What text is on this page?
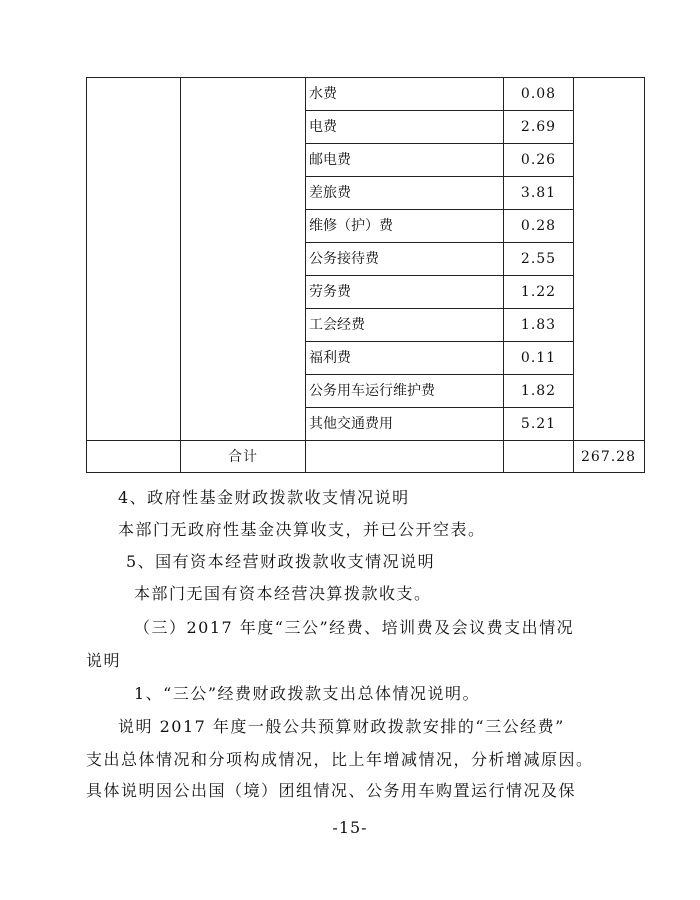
		水费	0.08	
		电费	2.69	
		邮电费	0.26	
		差旅费	3.81	
		维修（护）费	0.28	
		公务接待费	2.55	
		劳务费	1.22	
		工会经费	1.83	
		福利费	0.11	
		公务用车运行维护费	1.82	
		其他交通费用	5.21	
	合计			267.28

4、政府性基金财政拨款收支情况说明

本部门无政府性基金决算收支，并已公开空表。

5、国有资本经营财政拨款收支情况说明

本部门无国有资本经营决算拨款收支。

（三）2017 年度“三公”经费、培训费及会议费支出情况

说明

1、“三公”经费财政拨款支出总体情况说明。

说明 2017 年度一般公共预算财政拨款安排的“三公经费”

支出总体情况和分项构成情况，比上年增减情况，分析增减原因。

具体说明因公出国（境）团组情况、公务用车购置运行情况及保

-15-
